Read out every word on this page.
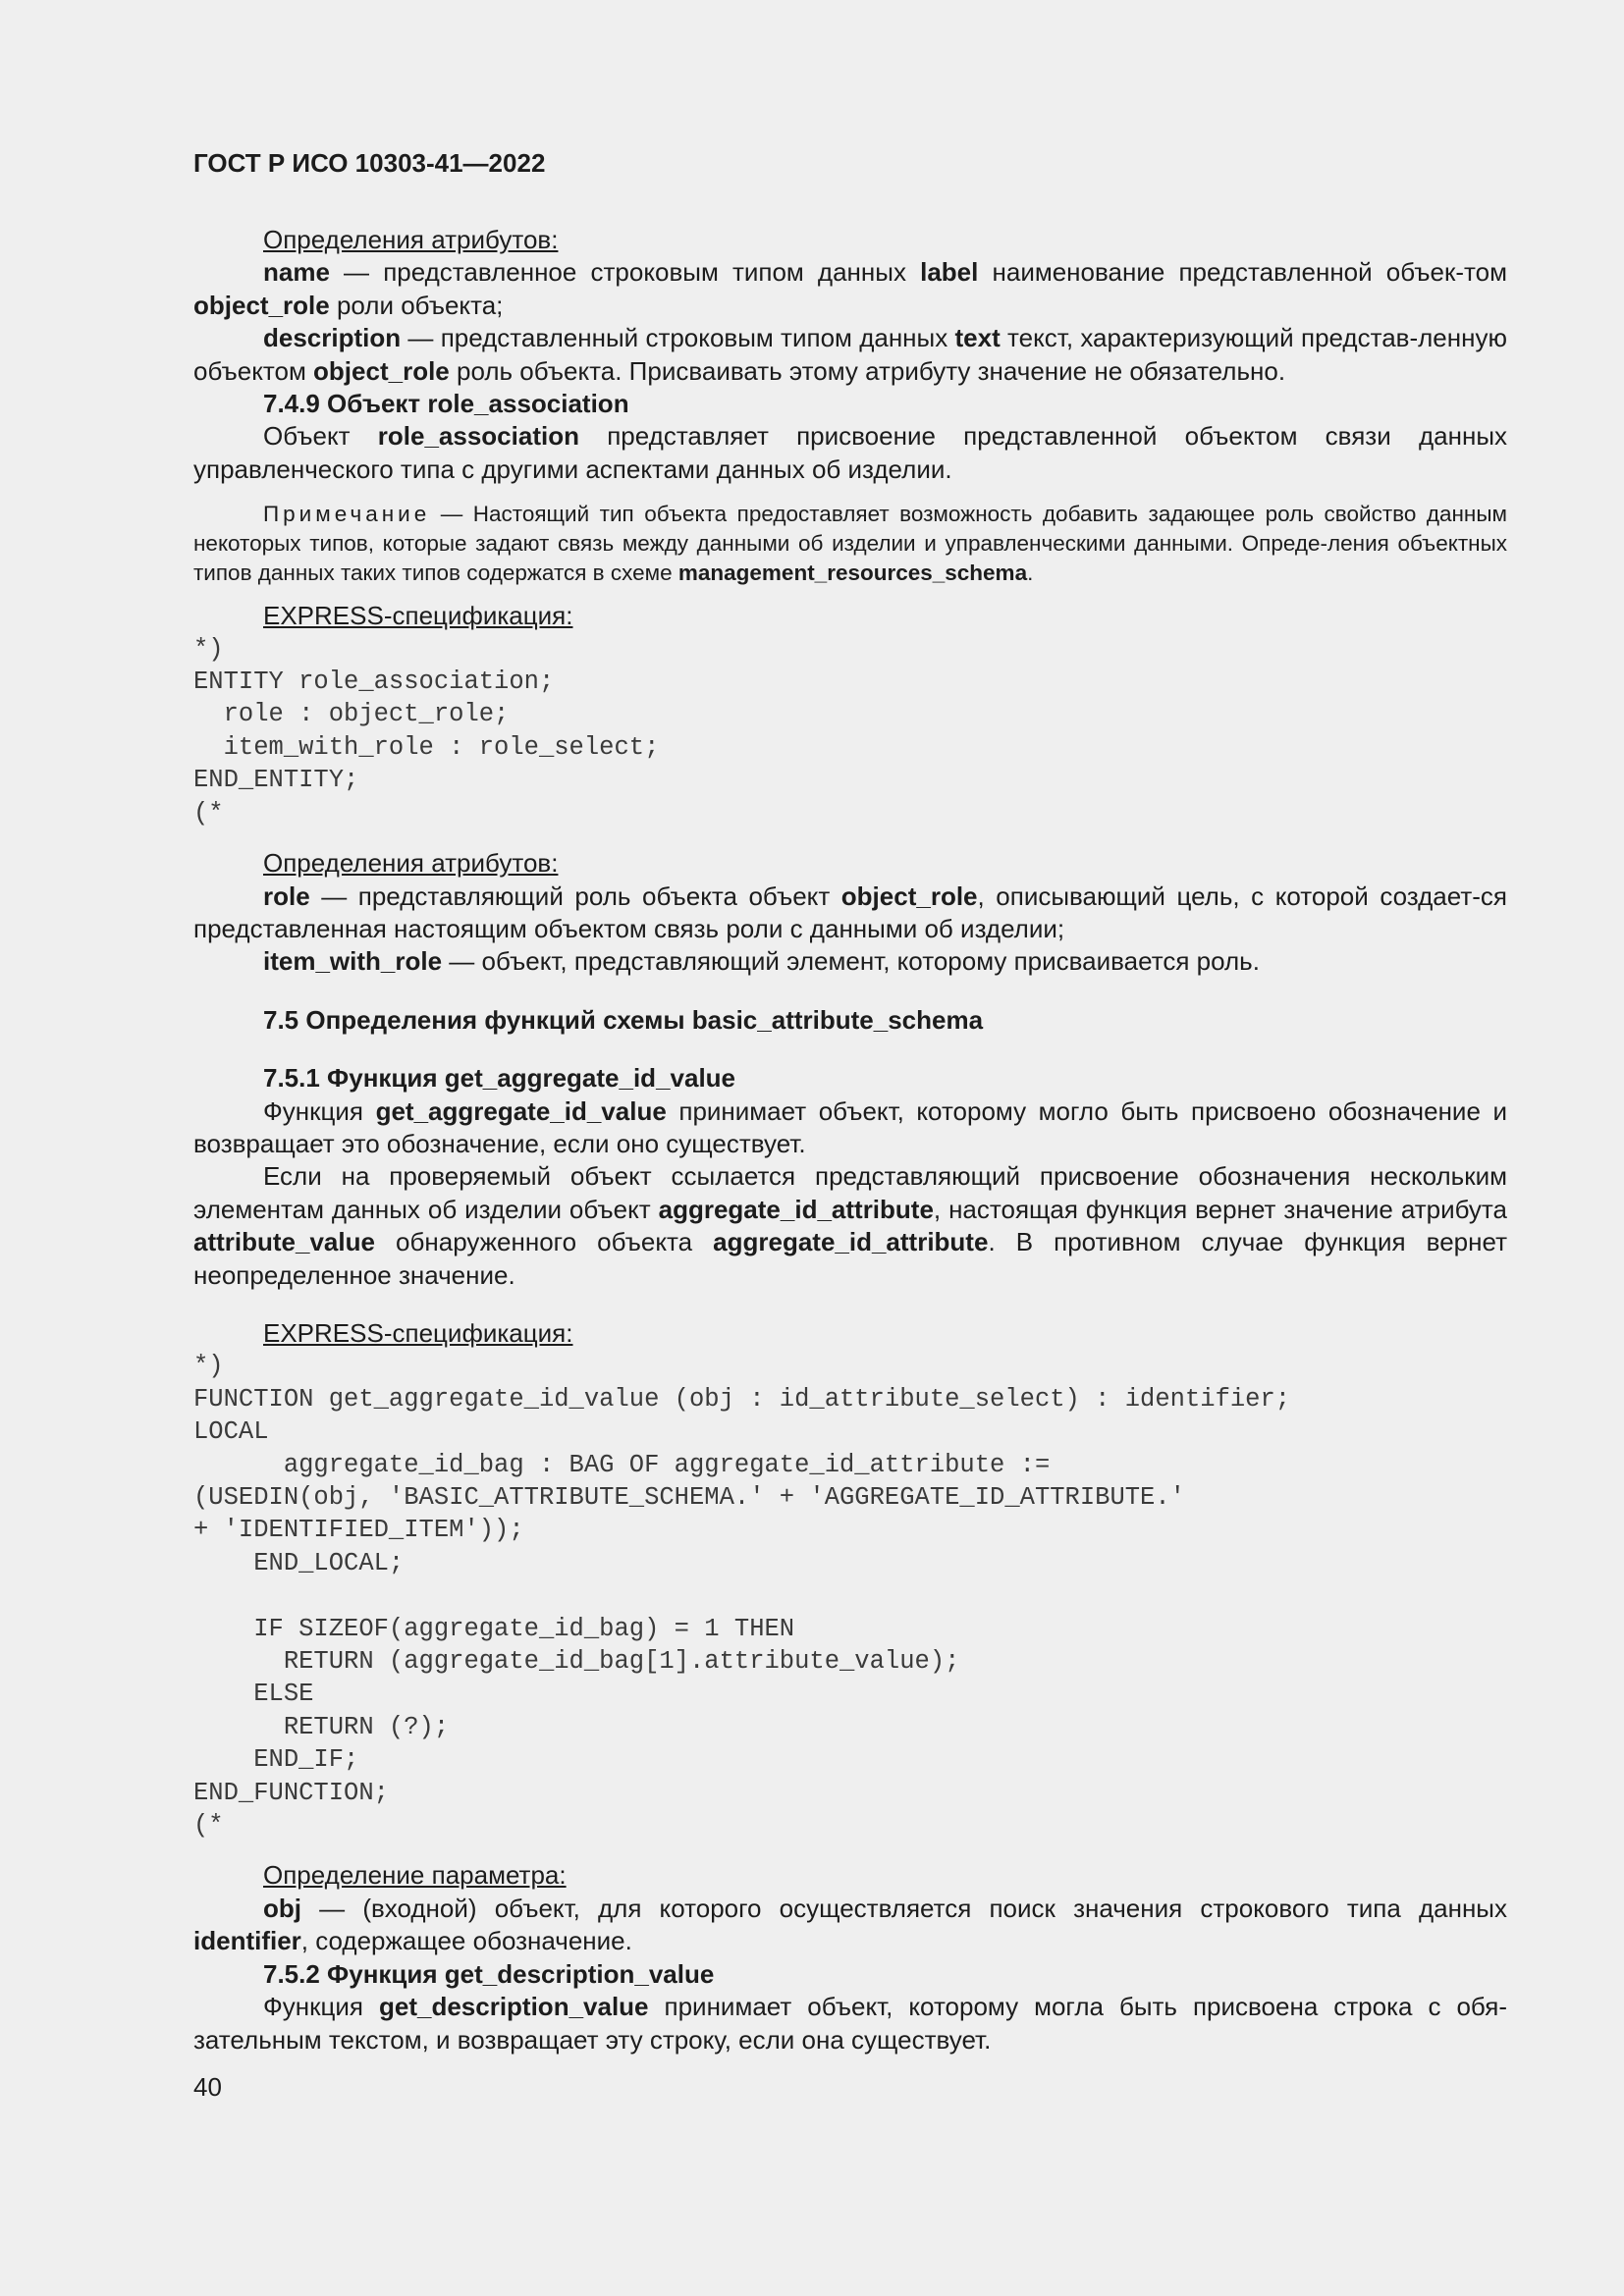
ГОСТ Р ИСО 10303-41—2022

Определения атрибутов:

name — представленное строковым типом данных label наименование представленной объек-том object_role роли объекта;

description — представленный строковым типом данных text текст, характеризующий представ-ленную объектом object_role роль объекта. Присваивать этому атрибуту значение не обязательно.

7.4.9 Объект role_association

Объект role_association представляет присвоение представленной объектом связи данных управленческого типа с другими аспектами данных об изделии.

Примечание — Настоящий тип объекта предоставляет возможность добавить задающее роль свойство данным некоторых типов, которые задают связь между данными об изделии и управленческими данными. Опреде-ления объектных типов данных таких типов содержатся в схеме management_resources_schema.

EXPRESS-спецификация:

*)
ENTITY role_association;
role : object_role;
item_with_role : role_select;
END_ENTITY;
(*

Определения атрибутов:

role — представляющий роль объекта объект object_role, описывающий цель, с которой создает-ся представленная настоящим объектом связь роли с данными об изделии;

item_with_role — объект, представляющий элемент, которому присваивается роль.

7.5 Определения функций схемы basic_attribute_schema
7.5.1 Функция get_aggregate_id_value

Функция get_aggregate_id_value принимает объект, которому могло быть присвоено обозначение и возвращает это обозначение, если оно существует.

Если на проверяемый объект ссылается представляющий присвоение обозначения нескольким элементам данных об изделии объект aggregate_id_attribute, настоящая функция вернет значение атрибута attribute_value обнаруженного объекта aggregate_id_attribute. В противном случае функция вернет неопределенное значение.

EXPRESS-спецификация:

*)
FUNCTION get_aggregate_id_value (obj : id_attribute_select) : identifier;
LOCAL
aggregate_id_bag : BAG OF aggregate_id_attribute :=
(USEDIN(obj, 'BASIC_ATTRIBUTE_SCHEMA.' + 'AGGREGATE_ID_ATTRIBUTE.'
+ 'IDENTIFIED_ITEM'));
END_LOCAL;

IF SIZEOF(aggregate_id_bag) = 1 THEN
RETURN (aggregate_id_bag[1].attribute_value);
ELSE
RETURN (?);
END_IF;
END_FUNCTION;
(*

Определение параметра:

obj — (входной) объект, для которого осуществляется поиск значения строкового типа данных identifier, содержащее обозначение.

7.5.2 Функция get_description_value

Функция get_description_value принимает объект, которому могла быть присвоена строка с обя-зательным текстом, и возвращает эту строку, если она существует.

40
